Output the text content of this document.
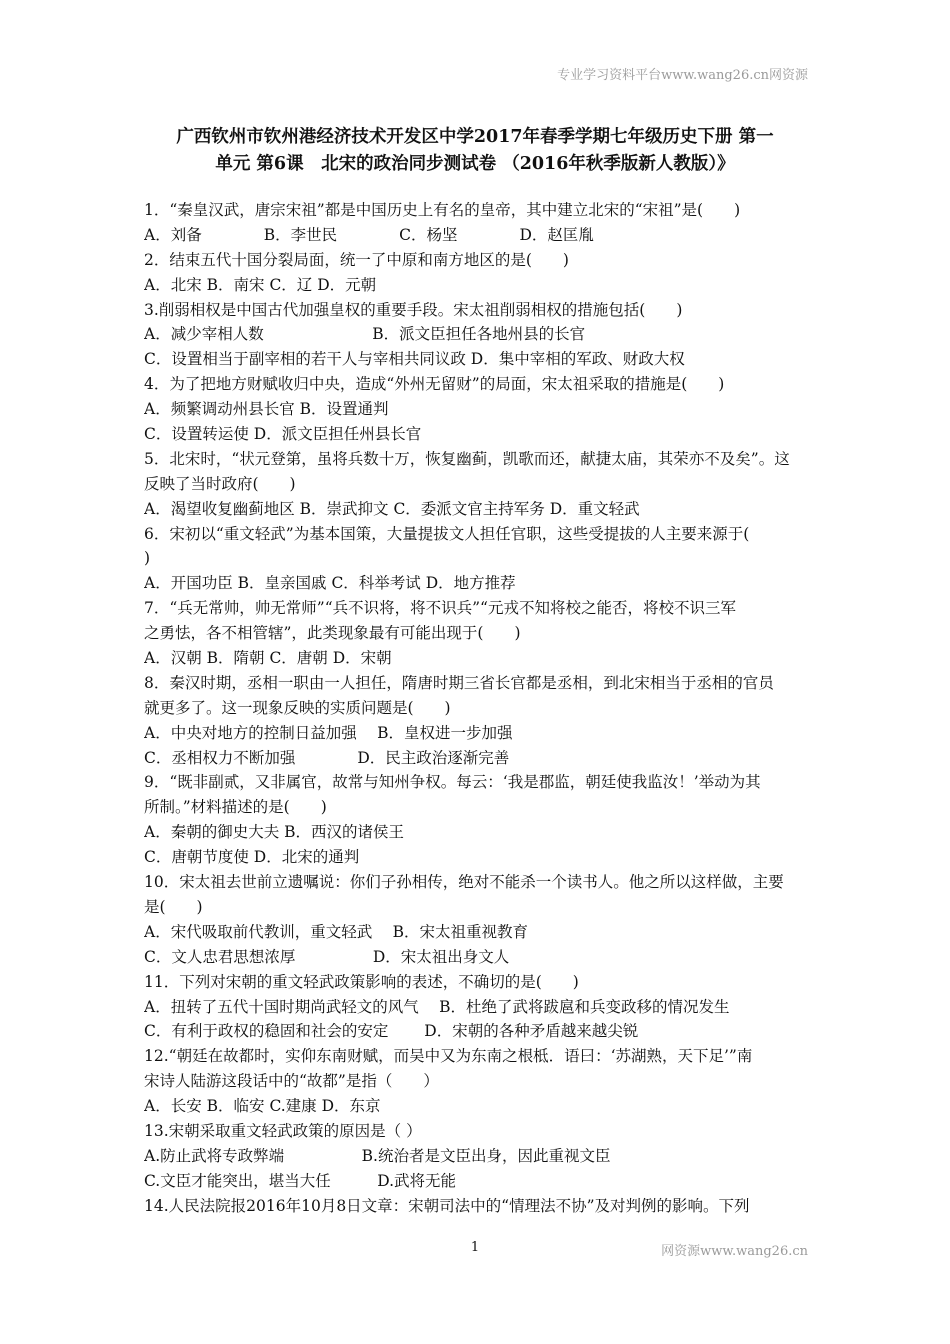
专业学习资料平台www.wang26.cn网资源
广西钦州市钦州港经济技术开发区中学2017年春季学期七年级历史下册 第一
单元 第6课　北宋的政治同步测试卷 （2016年秋季版新人教版）》
1．“秦皇汉武，唐宗宋祖”都是中国历史上有名的皇帝，其中建立北宋的“宋祖”是(　　)
A．刘备　　　　B．李世民　　　　C．杨坚　　　　D．赵匡胤
2．结束五代十国分裂局面，统一了中原和南方地区的是(　　)
A．北宋 B．南宋 C．辽 D．元朝
3.削弱相权是中国古代加强皇权的重要手段。宋太祖削弱相权的措施包括(　　)
A．减少宰相人数　　　　　　　B．派文臣担任各地州县的长官
C．设置相当于副宰相的若干人与宰相共同议政 D．集中宰相的军政、财政大权
4．为了把地方财赋收归中央，造成“外州无留财”的局面，宋太祖采取的措施是(　　)
A．频繁调动州县长官 B．设置通判
C．设置转运使 D．派文臣担任州县长官
5．北宋时，“状元登第，虽将兵数十万，恢复幽蓟，凯歌而还，献捷太庙，其荣亦不及矣”。这
反映了当时政府(　　)
A．渴望收复幽蓟地区 B．崇武抑文 C．委派文官主持军务 D．重文轻武
6．宋初以“重文轻武”为基本国策，大量提拔文人担任官职，这些受提拔的人主要来源于(
)
A．开国功臣 B．皇亲国戚 C．科举考试 D．地方推荐
7．“兵无常帅，帅无常师”“兵不识将，将不识兵”“元戎不知将校之能否，将校不识三军
之勇怯，各不相管辖”，此类现象最有可能出现于(　　)
A．汉朝 B．隋朝 C．唐朝 D．宋朝
8．秦汉时期，丞相一职由一人担任，隋唐时期三省长官都是丞相，到北宋相当于丞相的官员
就更多了。这一现象反映的实质问题是(　　)
A．中央对地方的控制日益加强　 B．皇权进一步加强
C．丞相权力不断加强　　　　D．民主政治逐渐完善
9．“既非副贰，又非属官，故常与知州争权。每云：‘我是郡监，朝廷使我监汝！’举动为其
所制。”材料描述的是(　　)
A．秦朝的御史大夫 B．西汉的诸侯王
C．唐朝节度使 D．北宋的通判
10．宋太祖去世前立遗嘱说：你们子孙相传，绝对不能杀一个读书人。他之所以这样做，主要
是(　　)
A．宋代吸取前代教训，重文轻武　 B．宋太祖重视教育
C．文人忠君思想浓厚　　　　　D．宋太祖出身文人
11．下列对宋朝的重文轻武政策影响的表述，不确切的是(　　)
A．扭转了五代十国时期尚武轻文的风气　 B．杜绝了武将跋扈和兵变政移的情况发生
C．有利于政权的稳固和社会的安定　　 D．宋朝的各种矛盾越来越尖锐
12.“朝廷在故都时，实仰东南财赋，而吴中又为东南之根柢．语曰：‘苏湖熟，天下足’”南
宋诗人陆游这段话中的“故都”是指（　　）
A．长安 B．临安 C.建康 D．东京
13.宋朝采取重文轻武政策的原因是（ ）
A.防止武将专政弊端　　　　　B.统治者是文臣出身，因此重视文臣
C.文臣才能突出，堪当大任　　　D.武将无能
14.人民法院报2016年10月8日文章：宋朝司法中的“情理法不协”及对判例的影响。下列
1	网资源www.wang26.cn
